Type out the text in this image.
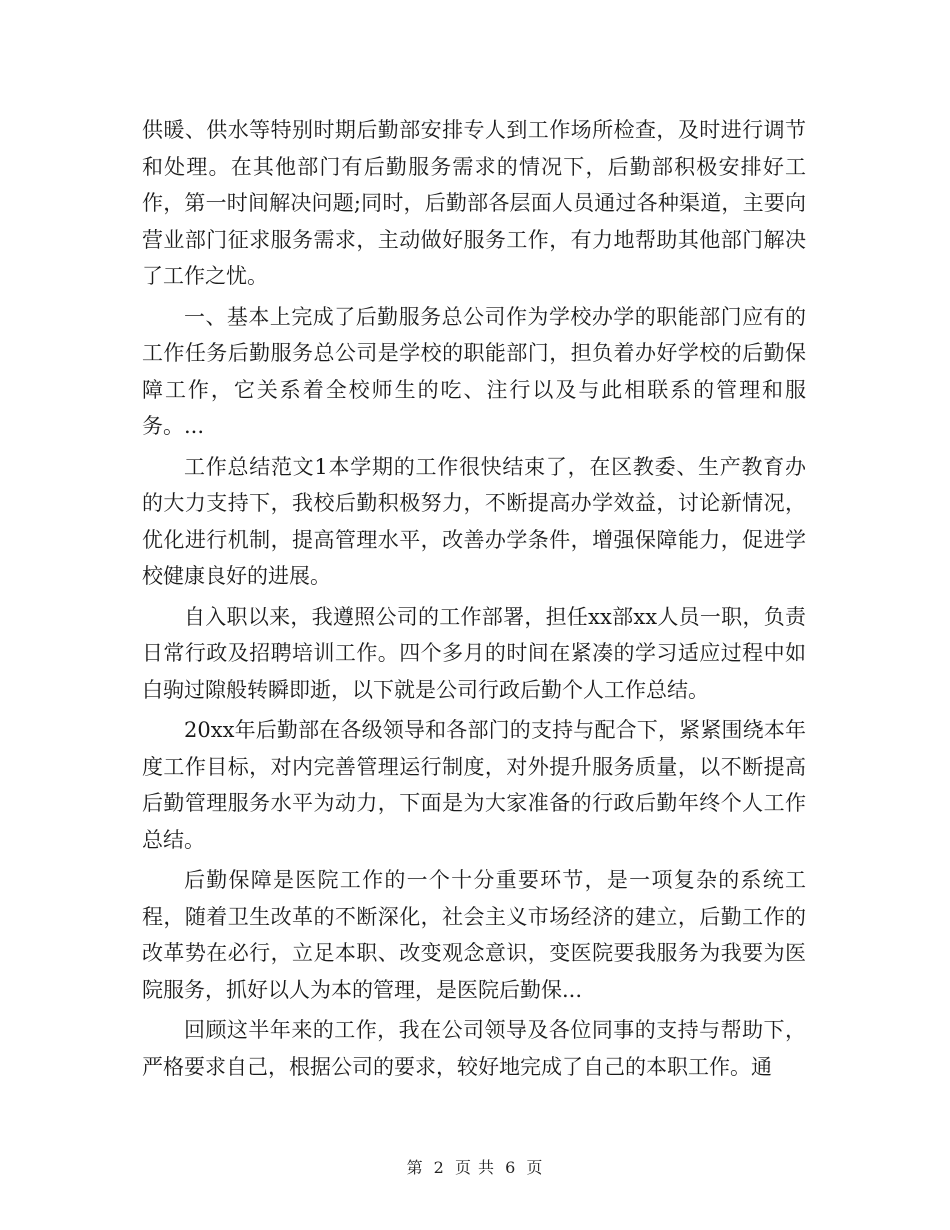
供暖、供水等特别时期后勤部安排专人到工作场所检查，及时进行调节和处理。在其他部门有后勤服务需求的情况下，后勤部积极安排好工作，第一时间解决问题;同时，后勤部各层面人员通过各种渠道，主要向营业部门征求服务需求，主动做好服务工作，有力地帮助其他部门解决了工作之忧。

一、基本上完成了后勤服务总公司作为学校办学的职能部门应有的工作任务后勤服务总公司是学校的职能部门，担负着办好学校的后勤保障工作，它关系着全校师生的吃、注行以及与此相联系的管理和服务。...

工作总结范文1本学期的工作很快结束了，在区教委、生产教育办的大力支持下，我校后勤积极努力，不断提高办学效益，讨论新情况，优化进行机制，提高管理水平，改善办学条件，增强保障能力，促进学校健康良好的进展。

自入职以来，我遵照公司的工作部署，担任xx部xx人员一职，负责日常行政及招聘培训工作。四个多月的时间在紧凑的学习适应过程中如白驹过隙般转瞬即逝，以下就是公司行政后勤个人工作总结。

20xx年后勤部在各级领导和各部门的支持与配合下，紧紧围绕本年度工作目标，对内完善管理运行制度，对外提升服务质量，以不断提高后勤管理服务水平为动力，下面是为大家准备的行政后勤年终个人工作总结。

后勤保障是医院工作的一个十分重要环节，是一项复杂的系统工程，随着卫生改革的不断深化，社会主义市场经济的建立，后勤工作的改革势在必行，立足本职、改变观念意识，变医院要我服务为我要为医院服务，抓好以人为本的管理，是医院后勤保...

回顾这半年来的工作，我在公司领导及各位同事的支持与帮助下，严格要求自己，根据公司的要求，较好地完成了自己的本职工作。通

第 2 页 共 6 页
